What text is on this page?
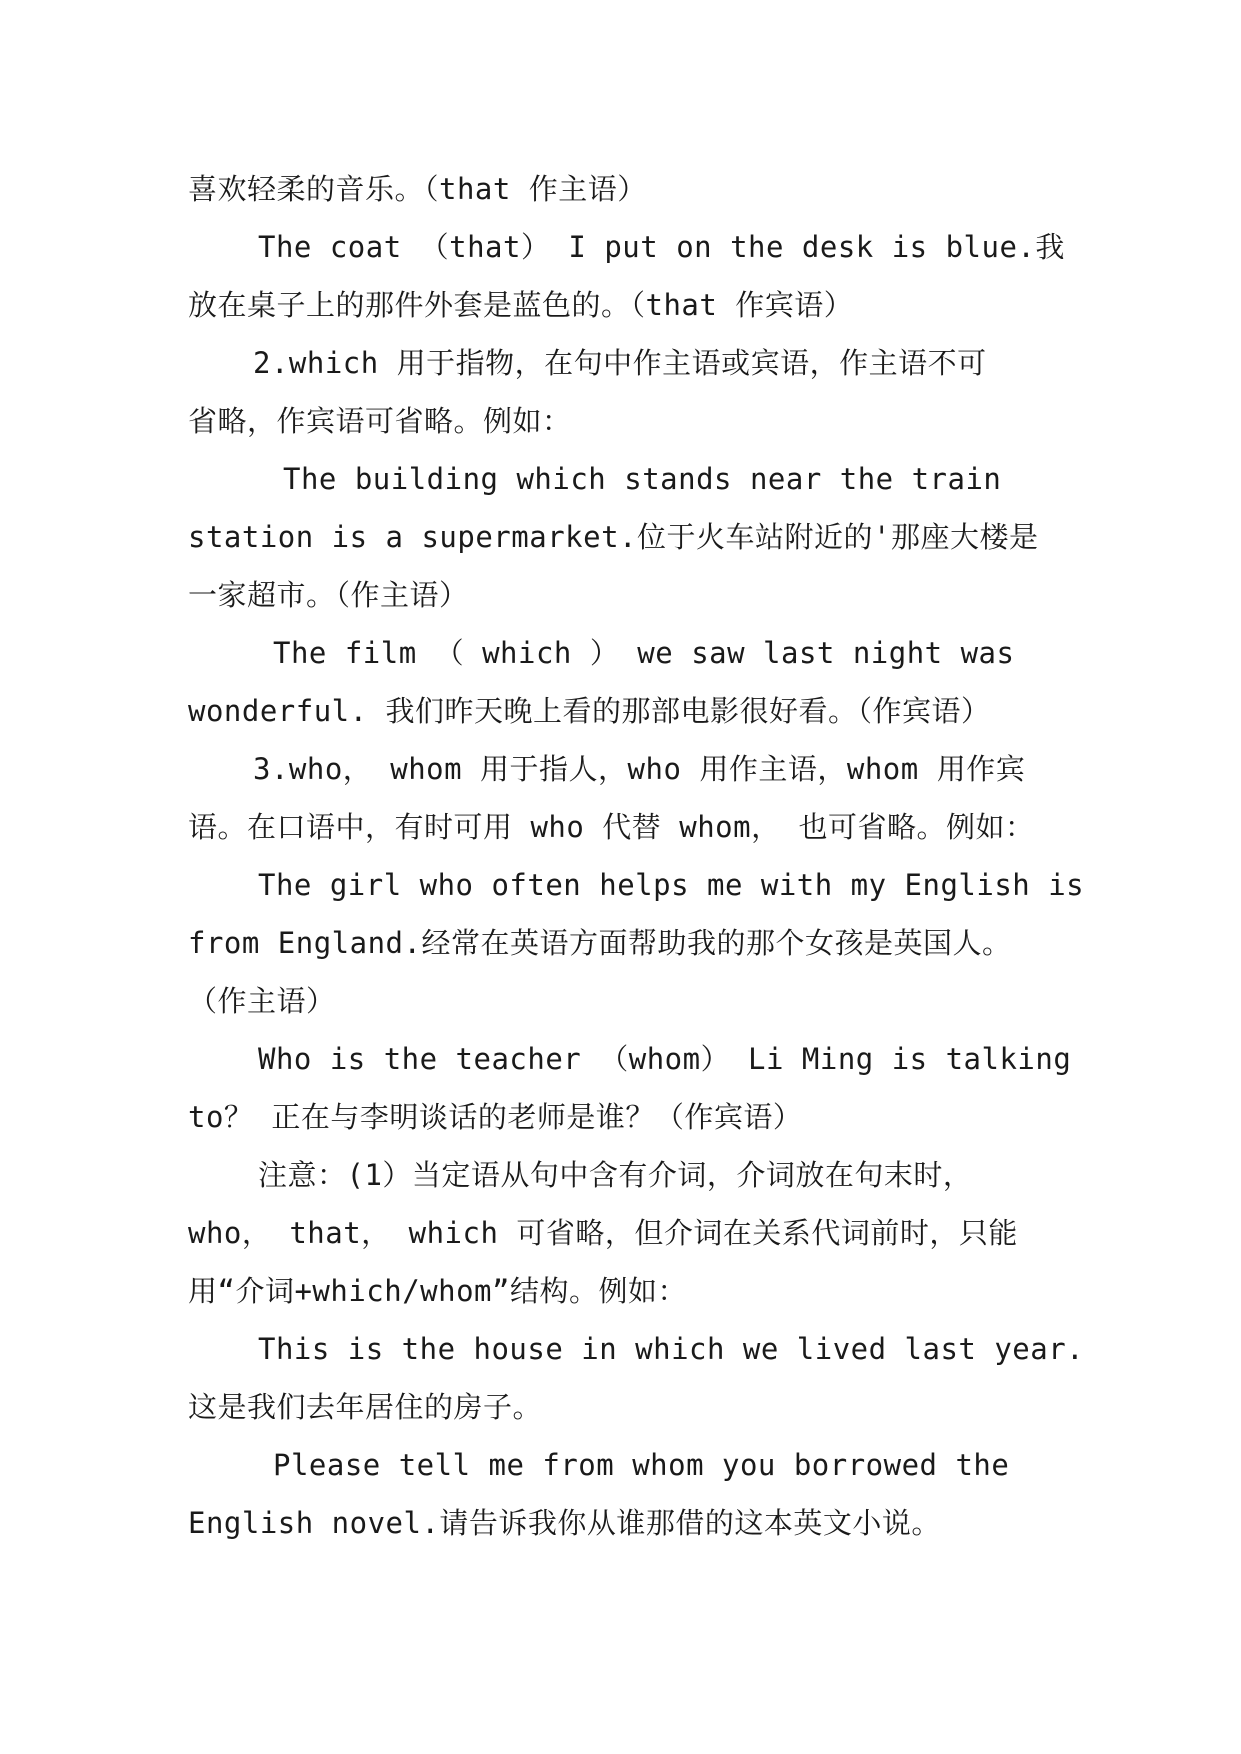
喜欢轻柔的音乐。（that 作主语）
The coat （that） I put on the desk is blue.我
放在桌子上的那件外套是蓝色的。（that 作宾语）
2.which 用于指物，在句中作主语或宾语，作主语不可
省略，作宾语可省略。例如：
The building which stands near the train
station is a supermarket.位于火车站附近的'那座大楼是
一家超市。（作主语）
The film （ which ） we saw last night was
wonderful. 我们昨天晚上看的那部电影很好看。（作宾语）
3.who， whom 用于指人，who 用作主语，whom 用作宾
语。在口语中，有时可用 who 代替 whom， 也可省略。例如：
The girl who often helps me with my English is
from England.经常在英语方面帮助我的那个女孩是英国人。
（作主语）
Who is the teacher （whom） Li Ming is talking
to？ 正在与李明谈话的老师是谁？（作宾语）
注意：(1）当定语从句中含有介词，介词放在句末时，
who， that， which 可省略，但介词在关系代词前时，只能
用“介词+which/whom”结构。例如：
This is the house in which we lived last year.
这是我们去年居住的房子。
Please tell me from whom you borrowed the
English novel.请告诉我你从谁那借的这本英文小说。
